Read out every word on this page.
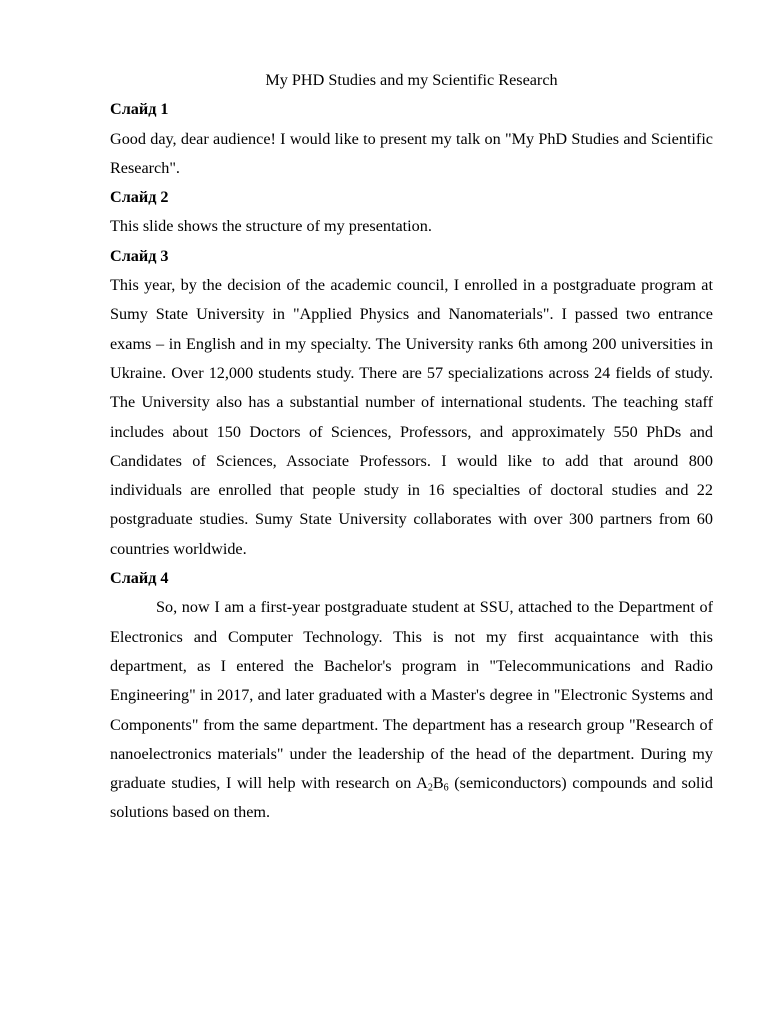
My PHD Studies and my Scientific Research

Слайд 1

Good day, dear audience! I would like to present my talk on "My PhD Studies and Scientific Research".

Слайд 2

This slide shows the structure of my presentation.

Слайд 3

This year, by the decision of the academic council, I enrolled in a postgraduate program at Sumy State University in "Applied Physics and Nanomaterials". I passed two entrance exams – in English and in my specialty. The University ranks 6th among 200 universities in Ukraine. Over 12,000 students study. There are 57 specializations across 24 fields of study. The University also has a substantial number of international students. The teaching staff includes about 150 Doctors of Sciences, Professors, and approximately 550 PhDs and Candidates of Sciences, Associate Professors. I would like to add that around 800 individuals are enrolled that people study in 16 specialties of doctoral studies and 22 postgraduate studies. Sumy State University collaborates with over 300 partners from 60 countries worldwide.

Слайд 4

So, now I am a first-year postgraduate student at SSU, attached to the Department of Electronics and Computer Technology. This is not my first acquaintance with this department, as I entered the Bachelor's program in "Telecommunications and Radio Engineering" in 2017, and later graduated with a Master's degree in "Electronic Systems and Components" from the same department. The department has a research group "Research of nanoelectronics materials" under the leadership of the head of the department. During my graduate studies, I will help with research on $A_2B_6$ (semiconductors) compounds and solid solutions based on them.
